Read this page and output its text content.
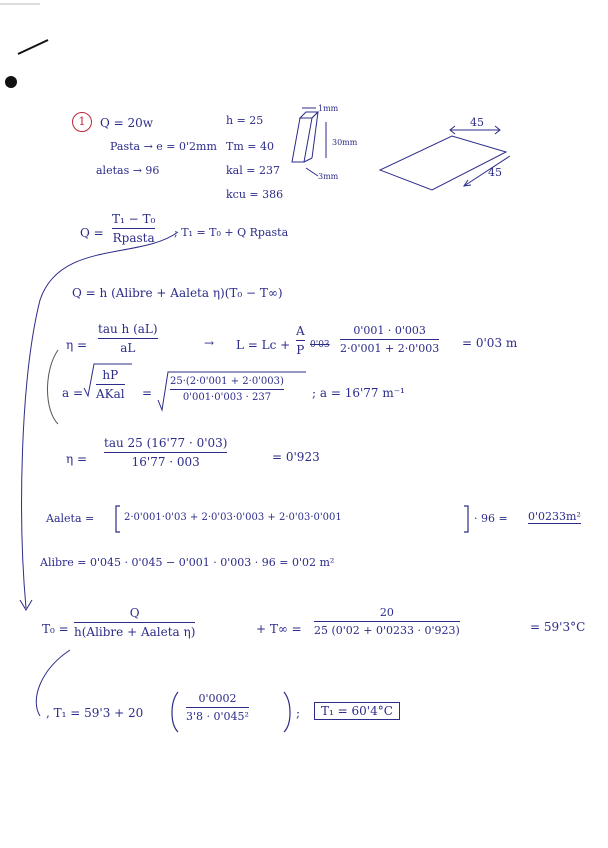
1	Q = 20w
Pasta → e = 0'2mm
aletas → 96
h = 25
Tm = 40
kal = 237
kcu = 386
1mm
30mm
3mm
45
45
Q =
T₁ − T₀
Rpasta ; T₁ = T₀ + Q Rpasta
Q = h (Alibre + Aaleta η)(T₀ − T∞)
η =
tau h (aL)
aL	→ L = Lc +
A
P 0'03
0'001 · 0'003
2·0'001 + 2·0'003 = 0'03 m
a =
hP
AKal =
25·(2·0'001 + 2·0'003)
0'001·0'003 · 237	; a = 16'77 m⁻¹
η =
tau 25 (16'77 · 0'03)
16'77 · 003	= 0'923
Aaleta =	2·0'001·0'03 + 2·0'03·0'003 + 2·0'03·0'001	· 96 = 0'0233m²
Alibre = 0'045 · 0'045 − 0'001 · 0'003 · 96 = 0'02 m²
T₀ =
Q
h(Alibre + Aaleta η)	+ T∞ =
20
25 (0'02 + 0'0233 · 0'923)	= 59'3°C
, T₁ = 59'3 + 20
0'0002
3'8 · 0'045²	;	T₁ = 60'4°C
